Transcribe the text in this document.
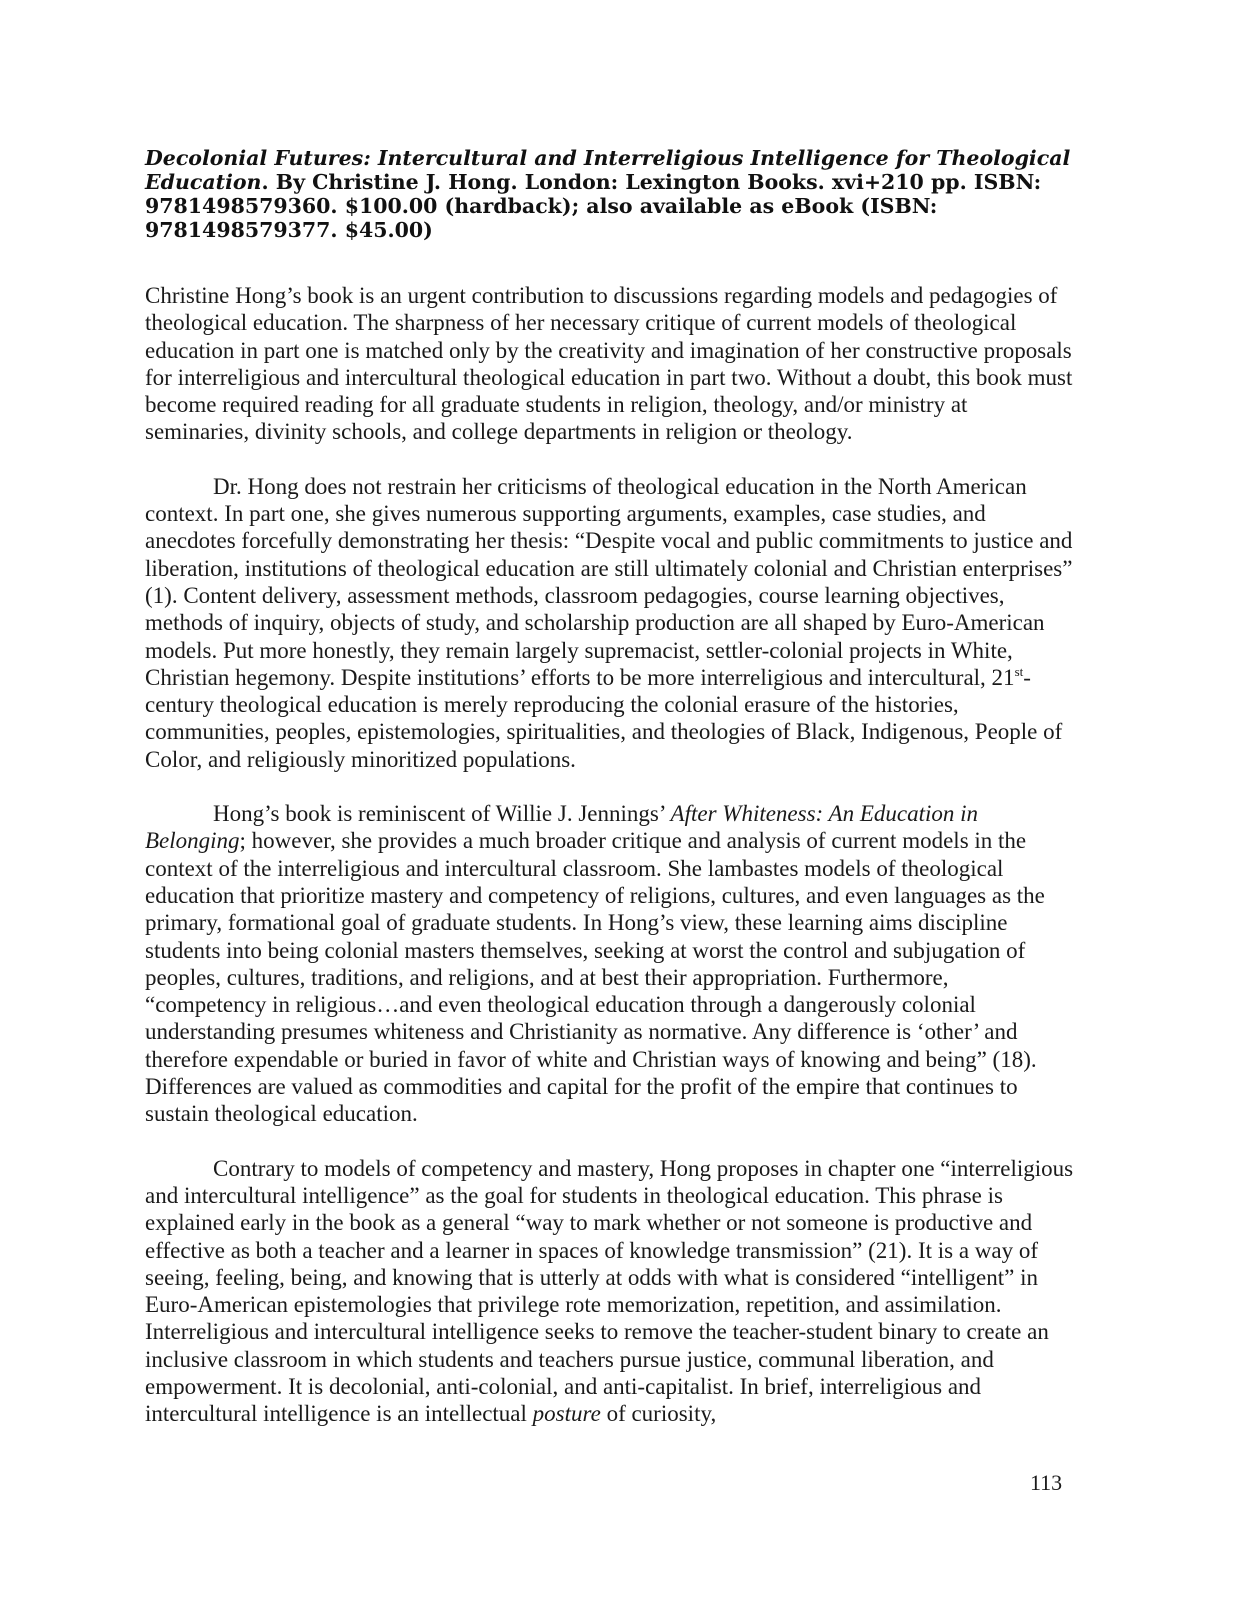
Decolonial Futures: Intercultural and Interreligious Intelligence for Theological Education. By Christine J. Hong. London: Lexington Books. xvi+210 pp. ISBN: 9781498579360. $100.00 (hardback); also available as eBook (ISBN: 9781498579377. $45.00)

Christine Hong’s book is an urgent contribution to discussions regarding models and pedagogies of theological education. The sharpness of her necessary critique of current models of theological education in part one is matched only by the creativity and imagination of her constructive proposals for interreligious and intercultural theological education in part two. Without a doubt, this book must become required reading for all graduate students in religion, theology, and/or ministry at seminaries, divinity schools, and college departments in religion or theology.

Dr. Hong does not restrain her criticisms of theological education in the North American context. In part one, she gives numerous supporting arguments, examples, case studies, and anecdotes forcefully demonstrating her thesis: “Despite vocal and public commitments to justice and liberation, institutions of theological education are still ultimately colonial and Christian enterprises” (1). Content delivery, assessment methods, classroom pedagogies, course learning objectives, methods of inquiry, objects of study, and scholarship production are all shaped by Euro-American models. Put more honestly, they remain largely supremacist, settler-colonial projects in White, Christian hegemony. Despite institutions’ efforts to be more interreligious and intercultural, 21st-century theological education is merely reproducing the colonial erasure of the histories, communities, peoples, epistemologies, spiritualities, and theologies of Black, Indigenous, People of Color, and religiously minoritized populations.

Hong’s book is reminiscent of Willie J. Jennings’ After Whiteness: An Education in Belonging; however, she provides a much broader critique and analysis of current models in the context of the interreligious and intercultural classroom. She lambastes models of theological education that prioritize mastery and competency of religions, cultures, and even languages as the primary, formational goal of graduate students. In Hong’s view, these learning aims discipline students into being colonial masters themselves, seeking at worst the control and subjugation of peoples, cultures, traditions, and religions, and at best their appropriation. Furthermore, “competency in religious…and even theological education through a dangerously colonial understanding presumes whiteness and Christianity as normative. Any difference is ‘other’ and therefore expendable or buried in favor of white and Christian ways of knowing and being” (18). Differences are valued as commodities and capital for the profit of the empire that continues to sustain theological education.

Contrary to models of competency and mastery, Hong proposes in chapter one “interreligious and intercultural intelligence” as the goal for students in theological education. This phrase is explained early in the book as a general “way to mark whether or not someone is productive and effective as both a teacher and a learner in spaces of knowledge transmission” (21). It is a way of seeing, feeling, being, and knowing that is utterly at odds with what is considered “intelligent” in Euro-American epistemologies that privilege rote memorization, repetition, and assimilation. Interreligious and intercultural intelligence seeks to remove the teacher-student binary to create an inclusive classroom in which students and teachers pursue justice, communal liberation, and empowerment. It is decolonial, anti-colonial, and anti-capitalist. In brief, interreligious and intercultural intelligence is an intellectual posture of curiosity,

113
